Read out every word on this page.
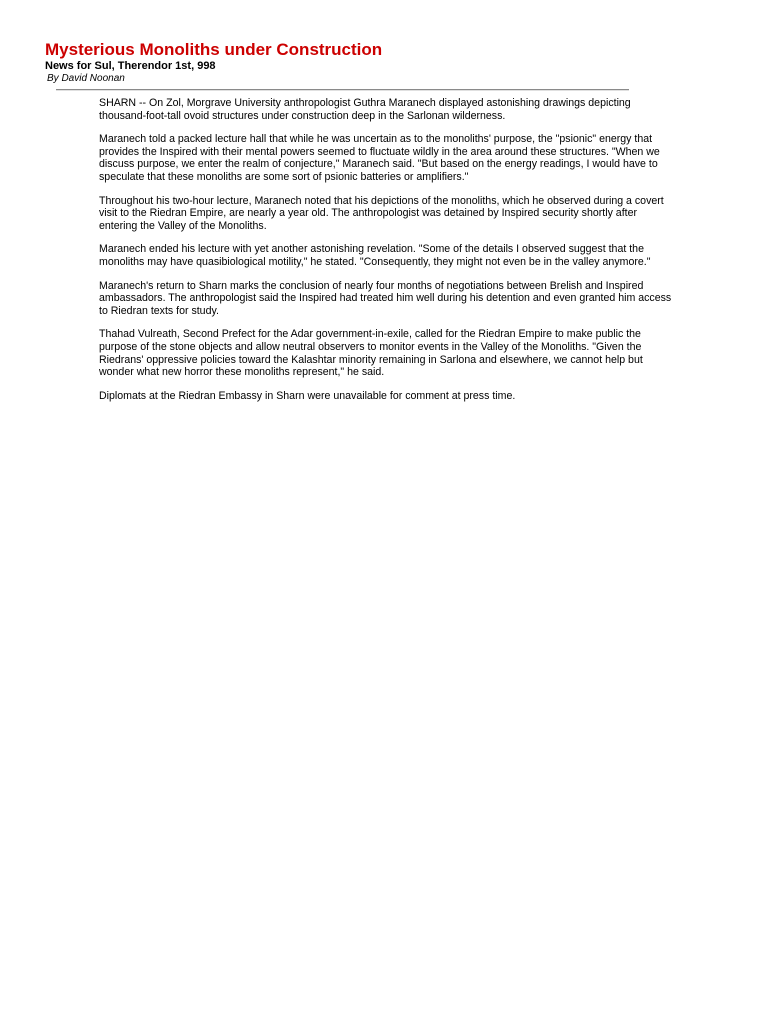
Mysterious Monoliths under Construction
News for Sul, Therendor 1st, 998
By David Noonan

SHARN -- On Zol, Morgrave University anthropologist Guthra Maranech displayed astonishing drawings depicting thousand-foot-tall ovoid structures under construction deep in the Sarlonan wilderness.

Maranech told a packed lecture hall that while he was uncertain as to the monoliths' purpose, the "psionic" energy that provides the Inspired with their mental powers seemed to fluctuate wildly in the area around these structures. "When we discuss purpose, we enter the realm of conjecture," Maranech said. "But based on the energy readings, I would have to speculate that these monoliths are some sort of psionic batteries or amplifiers."

Throughout his two-hour lecture, Maranech noted that his depictions of the monoliths, which he observed during a covert visit to the Riedran Empire, are nearly a year old. The anthropologist was detained by Inspired security shortly after entering the Valley of the Monoliths.

Maranech ended his lecture with yet another astonishing revelation. "Some of the details I observed suggest that the monoliths may have quasibiological motility," he stated. "Consequently, they might not even be in the valley anymore."

Maranech's return to Sharn marks the conclusion of nearly four months of negotiations between Brelish and Inspired ambassadors. The anthropologist said the Inspired had treated him well during his detention and even granted him access to Riedran texts for study.

Thahad Vulreath, Second Prefect for the Adar government-in-exile, called for the Riedran Empire to make public the purpose of the stone objects and allow neutral observers to monitor events in the Valley of the Monoliths. "Given the Riedrans' oppressive policies toward the Kalashtar minority remaining in Sarlona and elsewhere, we cannot help but wonder what new horror these monoliths represent," he said.

Diplomats at the Riedran Embassy in Sharn were unavailable for comment at press time.
